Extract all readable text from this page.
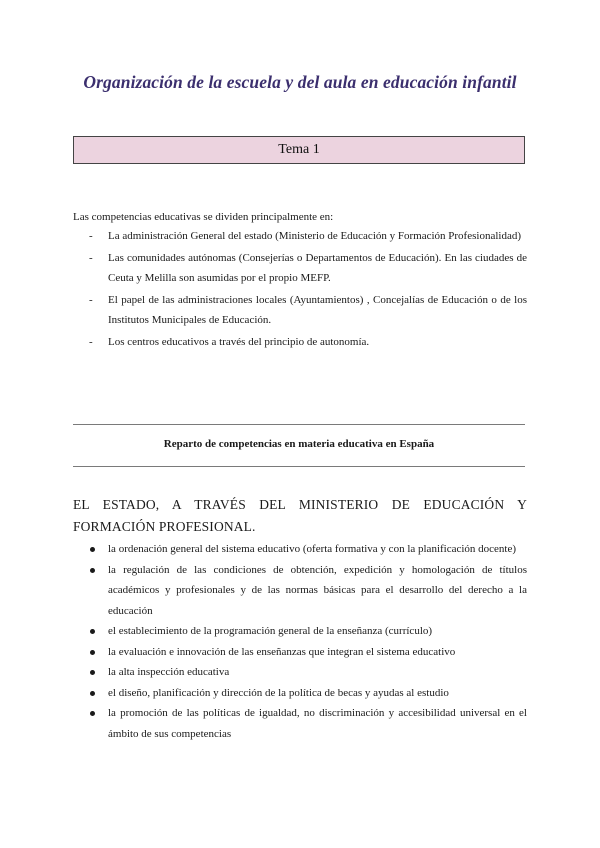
Organización de la escuela y del aula en educación infantil
Tema 1
Las competencias educativas se dividen principalmente en:
- La administración General del estado (Ministerio de Educación y Formación Profesionalidad)
- Las comunidades autónomas (Consejerías o Departamentos de Educación). En las ciudades de Ceuta y Melilla son asumidas por el propio MEFP.
- El papel de las administraciones locales (Ayuntamientos) , Concejalías de Educación o de los Institutos Municipales de Educación.
- Los centros educativos a través del principio de autonomía.
Reparto de competencias en materia educativa en España
EL ESTADO, A TRAVÉS DEL MINISTERIO DE EDUCACIÓN Y FORMACIÓN PROFESIONAL.
la ordenación general del sistema educativo (oferta formativa y con la planificación docente)
la regulación de las condiciones de obtención, expedición y homologación de títulos académicos y profesionales y de las normas básicas para el desarrollo del derecho a la educación
el establecimiento de la programación general de la enseñanza (currículo)
la evaluación e innovación de las enseñanzas que integran el sistema educativo
la alta inspección educativa
el diseño, planificación y dirección de la política de becas y ayudas al estudio
la promoción de las políticas de igualdad, no discriminación y accesibilidad universal en el ámbito de sus competencias
